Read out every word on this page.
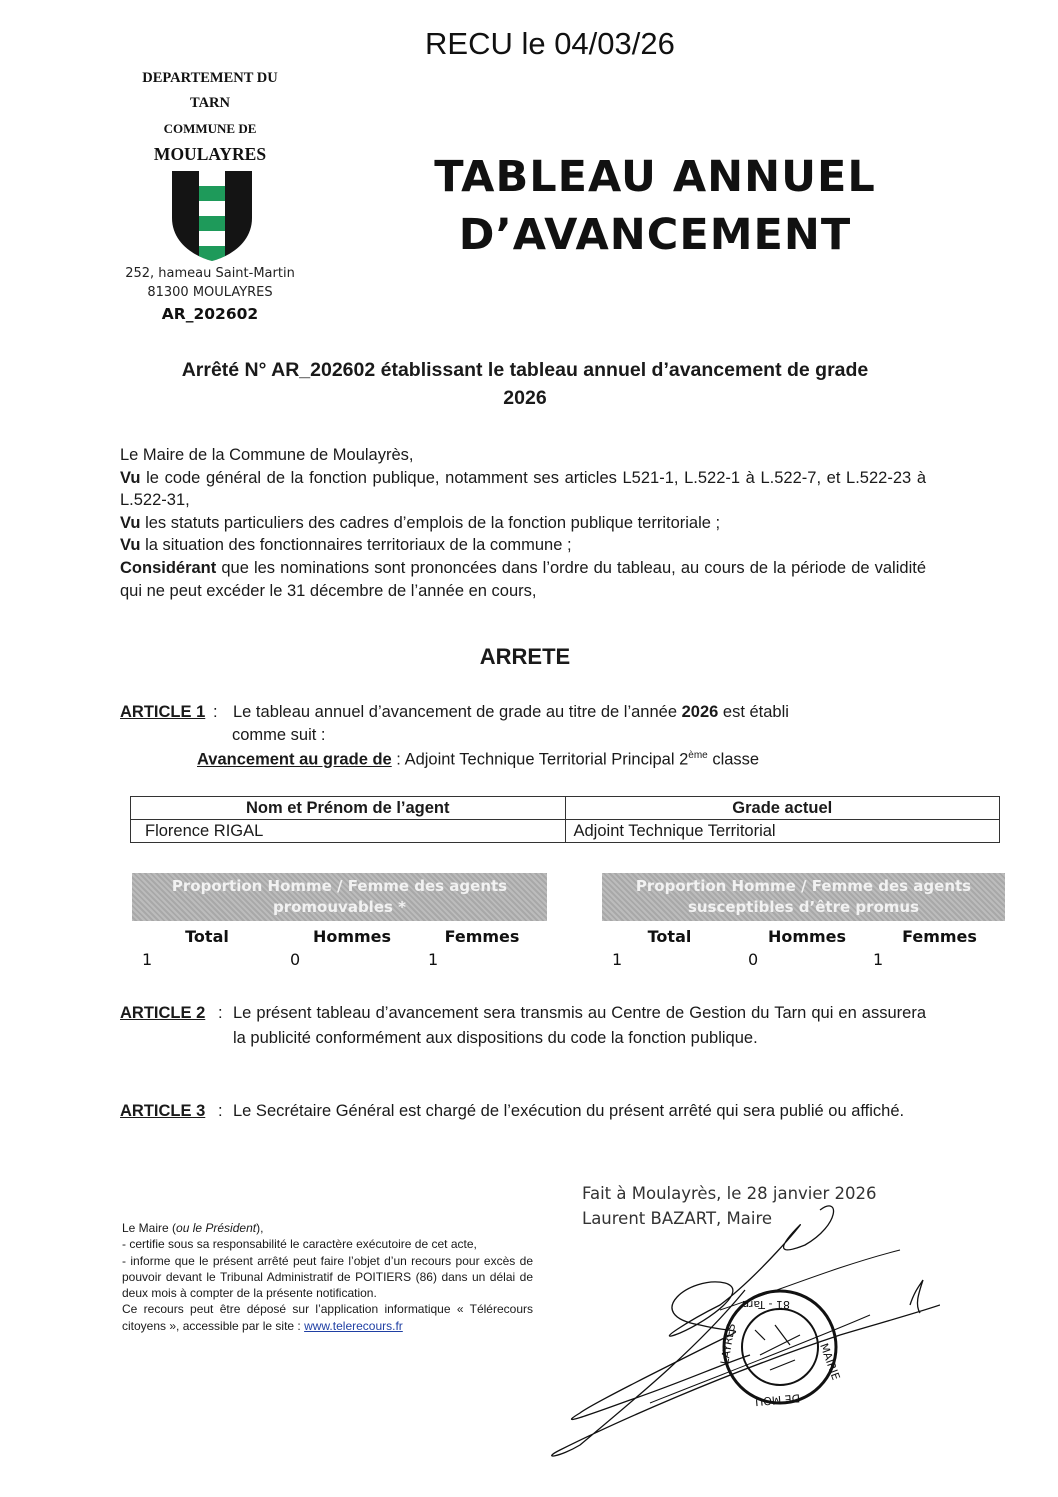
RECU le 04/03/26
DEPARTEMENT DU
TARN
COMMUNE DE
MOULAYRES
252, hameau Saint-Martin
81300 MOULAYRES
AR_202602
TABLEAU ANNUEL
D’AVANCEMENT
Arrêté N° AR_202602 établissant le tableau annuel d’avancement de grade
2026
Le Maire de la Commune de Moulayrès,
Vu le code général de la fonction publique, notamment ses articles L521-1, L.522-1 à L.522-7, et L.522-23 à L.522-31,
Vu les statuts particuliers des cadres d’emplois de la fonction publique territoriale ;
Vu la situation des fonctionnaires territoriaux de la commune ;
Considérant que les nominations sont prononcées dans l’ordre du tableau, au cours de la période de validité qui ne peut excéder le 31 décembre de l’année en cours,
ARRETE
ARTICLE 1 : Le tableau annuel d’avancement de grade au titre de l’année 2026 est établi
comme suit :
Avancement au grade de : Adjoint Technique Territorial Principal 2ème classe
Nom et Prénom de l’agent	Grade actuel
Florence RIGAL	Adjoint Technique Territorial
Proportion Homme / Femme des agents promouvables *
Total	Hommes	Femmes
1	0	1
Proportion Homme / Femme des agents susceptibles d’être promus
Total	Hommes	Femmes
1	0	1
ARTICLE 2 : Le présent tableau d’avancement sera transmis au Centre de Gestion du Tarn qui en assurera la publicité conformément aux dispositions du code la fonction publique.
ARTICLE 3 : Le Secrétaire Général est chargé de l’exécution du présent arrêté qui sera publié ou affiché.
Fait à Moulayrès, le 28 janvier 2026
Laurent BAZART, Maire
Le Maire (ou le Président),
- certifie sous sa responsabilité le caractère exécutoire de cet acte,
- informe que le présent arrêté peut faire l’objet d’un recours pour excès de pouvoir devant le Tribunal Administratif de POITIERS (86) dans un délai de deux mois à compter de la présente notification.
Ce recours peut être déposé sur l’application informatique « Télérecours citoyens », accessible par le site : www.telerecours.fr
81 - Tarn
MAIRIE
DE MOU
LAYRES
